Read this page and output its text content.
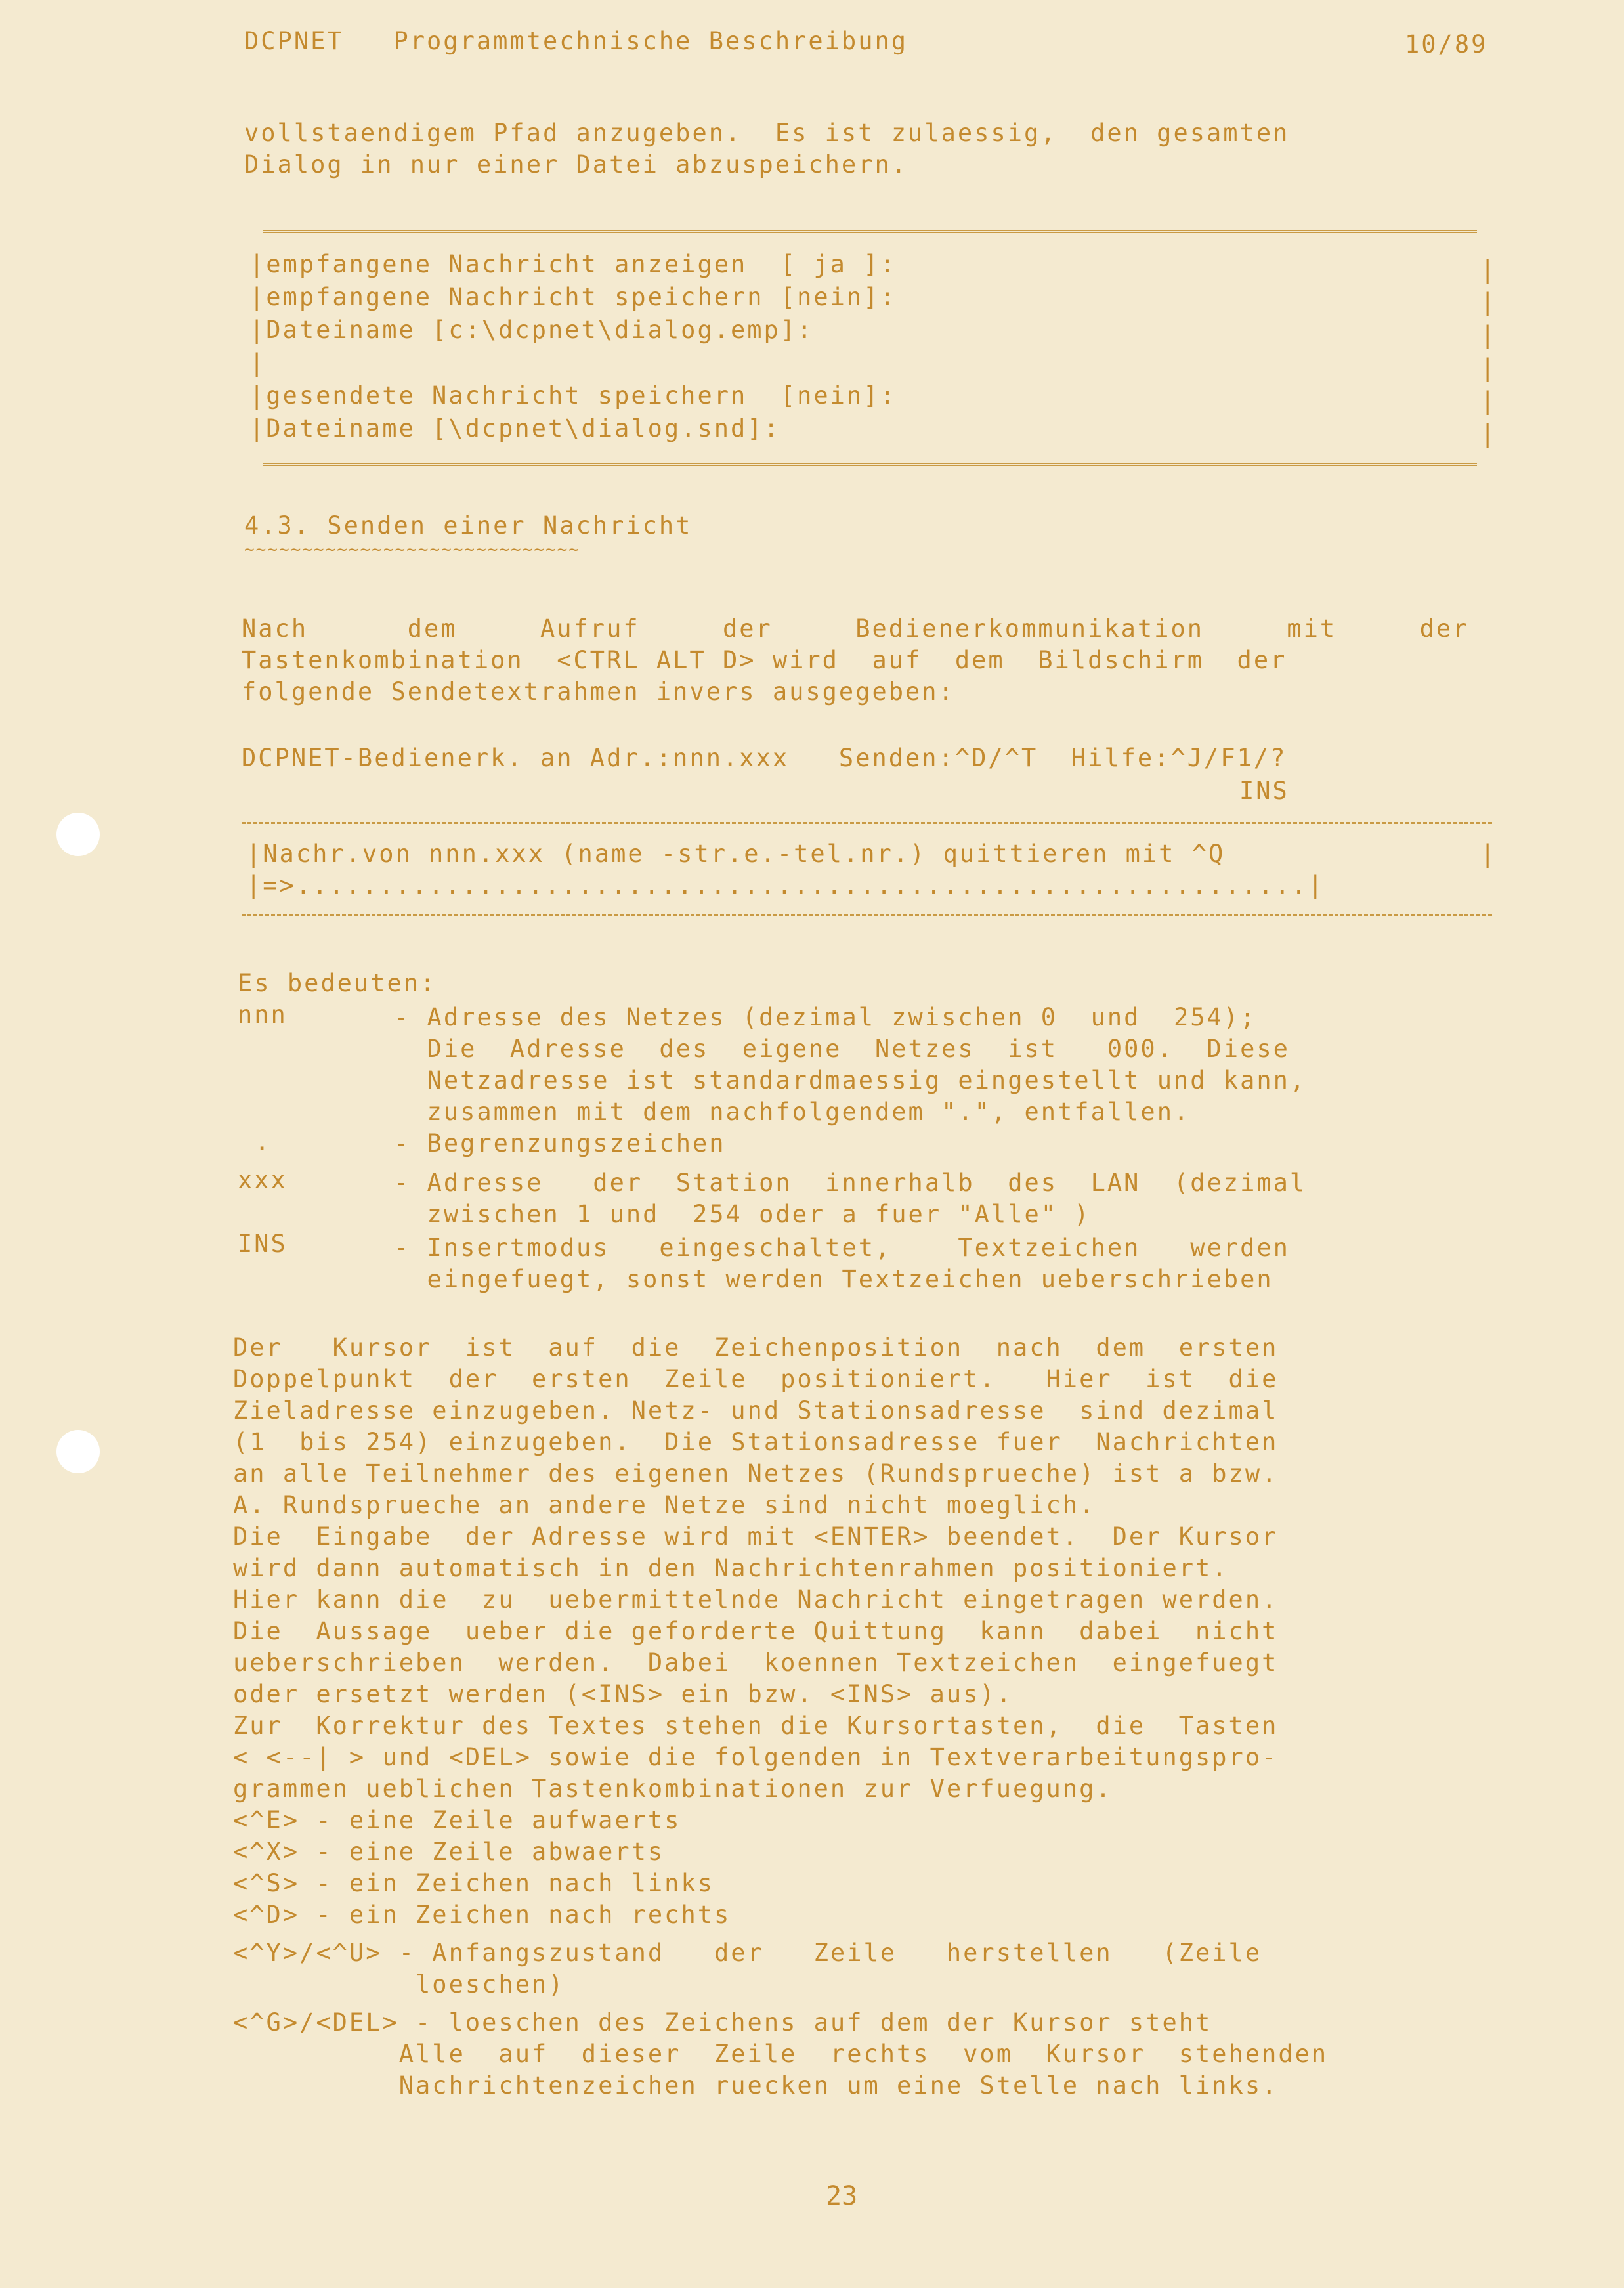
DCPNET   Programmtechnische Beschreibung	10/89
vollstaendigem Pfad anzugeben.  Es ist zulaessig,  den gesamten
Dialog in nur einer Datei abzuspeichern.
|empfangene Nachricht anzeigen  [ ja ]:
|empfangene Nachricht speichern [nein]:
|Dateiname [c:\dcpnet\dialog.emp]:
|
|gesendete Nachricht speichern  [nein]:
|Dateiname [\dcpnet\dialog.snd]:
|
|
|
|
|
|
4.3. Senden einer Nachricht
~~~~~~~~~~~~~~~~~~~~~~~~~~~~~
Nach      dem     Aufruf     der     Bedienerkommunikation     mit     der
Tastenkombination  <CTRL ALT D> wird  auf  dem  Bildschirm  der
folgende Sendetextrahmen invers ausgegeben:
DCPNET-Bedienerk. an Adr.:nnn.xxx   Senden:^D/^T  Hilfe:^J/F1/?
INS
|Nachr.von nnn.xxx (name -str.e.-tel.nr.) quittieren mit ^Q	|
|=>.............................................................|
Es bedeuten:
nnn	- Adresse des Netzes (dezimal zwischen 0  und  254);
Die  Adresse  des  eigene  Netzes  ist   000.  Diese
Netzadresse ist standardmaessig eingestellt und kann,
zusammen mit dem nachfolgendem ".", entfallen.
.	- Begrenzungszeichen
xxx	- Adresse   der  Station  innerhalb  des  LAN  (dezimal
zwischen 1 und  254 oder a fuer "Alle" )
INS	- Insertmodus   eingeschaltet,    Textzeichen   werden
eingefuegt, sonst werden Textzeichen ueberschrieben
Der   Kursor  ist  auf  die  Zeichenposition  nach  dem  ersten
Doppelpunkt  der  ersten  Zeile  positioniert.   Hier  ist  die
Zieladresse einzugeben. Netz- und Stationsadresse  sind dezimal
(1  bis 254) einzugeben.  Die Stationsadresse fuer  Nachrichten
an alle Teilnehmer des eigenen Netzes (Rundsprueche) ist a bzw.
A. Rundsprueche an andere Netze sind nicht moeglich.
Die  Eingabe  der Adresse wird mit <ENTER> beendet.  Der Kursor
wird dann automatisch in den Nachrichtenrahmen positioniert.
Hier kann die  zu  uebermittelnde Nachricht eingetragen werden.
Die  Aussage  ueber die geforderte Quittung  kann  dabei  nicht
ueberschrieben  werden.  Dabei  koennen Textzeichen  eingefuegt
oder ersetzt werden (<INS> ein bzw. <INS> aus).
Zur  Korrektur des Textes stehen die Kursortasten,  die  Tasten
< <--| > und <DEL> sowie die folgenden in Textverarbeitungspro-
grammen ueblichen Tastenkombinationen zur Verfuegung.
<^E> - eine Zeile aufwaerts
<^X> - eine Zeile abwaerts
<^S> - ein Zeichen nach links
<^D> - ein Zeichen nach rechts
<^Y>/<^U> - Anfangszustand   der   Zeile   herstellen   (Zeile
loeschen)
<^G>/<DEL> - loeschen des Zeichens auf dem der Kursor steht
Alle  auf  dieser  Zeile  rechts  vom  Kursor  stehenden
Nachrichtenzeichen ruecken um eine Stelle nach links.
23
